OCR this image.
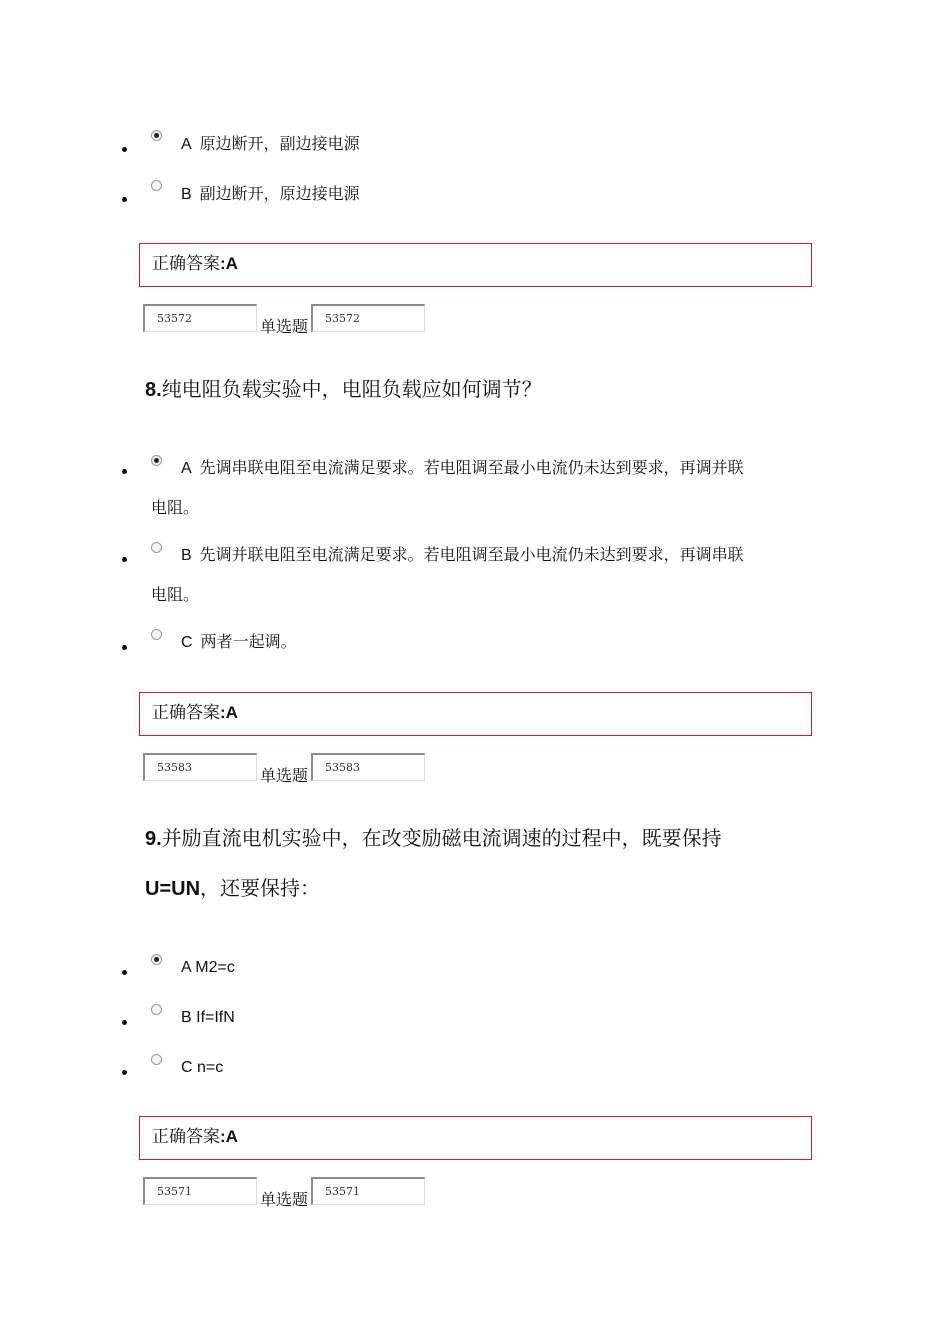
A 原边断开，副边接电源
B 副边断开，原边接电源
正确答案:A
53572	单选题	53572
8.纯电阻负载实验中，电阻负载应如何调节？
A 先调串联电阻至电流满足要求。若电阻调至最小电流仍未达到要求，再调并联
电阻。
B 先调并联电阻至电流满足要求。若电阻调至最小电流仍未达到要求，再调串联
电阻。
C 两者一起调。
正确答案:A
53583	单选题	53583
9.并励直流电机实验中，在改变励磁电流调速的过程中，既要保持
U=UN，还要保持：
A M2=c
B If=IfN
C n=c
正确答案:A
53571	单选题	53571
